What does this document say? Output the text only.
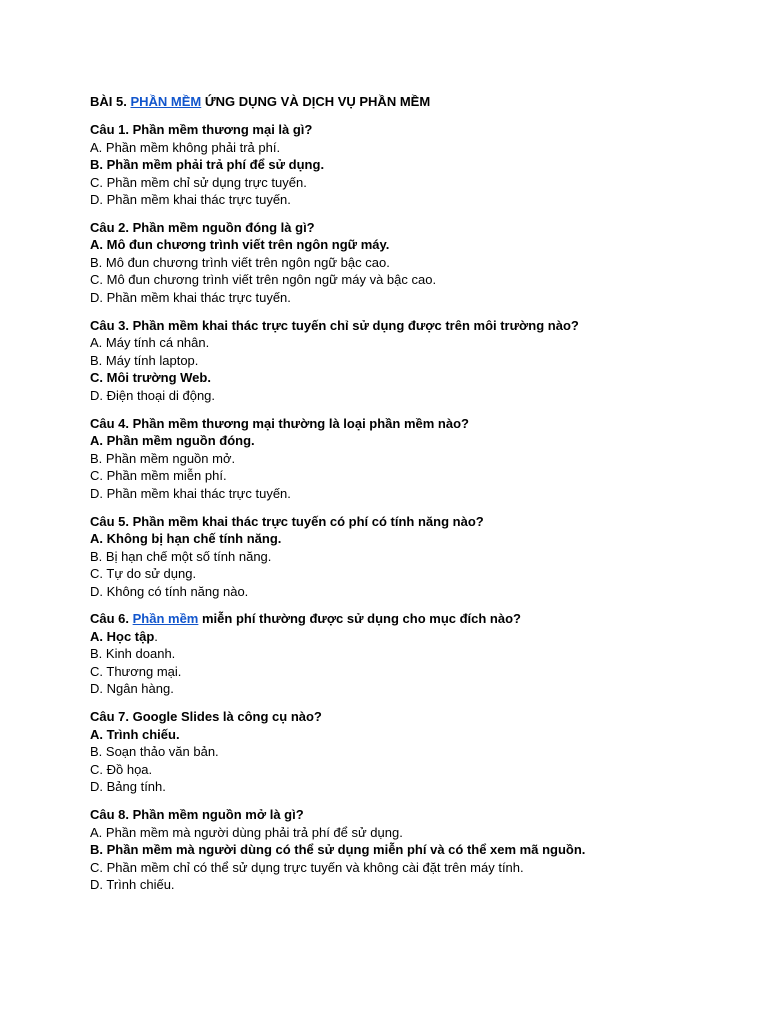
BÀI 5. PHẦN MỀM ỨNG DỤNG VÀ DỊCH VỤ PHẦN MỀM
Câu 1. Phần mềm thương mại là gì?
A. Phần mềm không phải trả phí.
B. Phần mềm phải trả phí để sử dụng.
C. Phần mềm chỉ sử dụng trực tuyến.
D. Phần mềm khai thác trực tuyến.
Câu 2. Phần mềm nguồn đóng là gì?
A. Mô đun chương trình viết trên ngôn ngữ máy.
B. Mô đun chương trình viết trên ngôn ngữ bậc cao.
C. Mô đun chương trình viết trên ngôn ngữ máy và bậc cao.
D. Phần mềm khai thác trực tuyến.
Câu 3. Phần mềm khai thác trực tuyến chỉ sử dụng được trên môi trường nào?
A. Máy tính cá nhân.
B. Máy tính laptop.
C. Môi trường Web.
D. Điện thoại di động.
Câu 4. Phần mềm thương mại thường là loại phần mềm nào?
A. Phần mềm nguồn đóng.
B. Phần mềm nguồn mở.
C. Phần mềm miễn phí.
D. Phần mềm khai thác trực tuyến.
Câu 5. Phần mềm khai thác trực tuyến có phí có tính năng nào?
A. Không bị hạn chế tính năng.
B. Bị hạn chế một số tính năng.
C. Tự do sử dụng.
D. Không có tính năng nào.
Câu 6. Phần mềm miễn phí thường được sử dụng cho mục đích nào?
A. Học tập.
B. Kinh doanh.
C. Thương mại.
D. Ngân hàng.
Câu 7. Google Slides là công cụ nào?
A. Trình chiếu.
B. Soạn thảo văn bản.
C. Đồ họa.
D. Bảng tính.
Câu 8. Phần mềm nguồn mở là gì?
A. Phần mềm mà người dùng phải trả phí để sử dụng.
B. Phần mềm mà người dùng có thể sử dụng miễn phí và có thể xem mã nguồn.
C. Phần mềm chỉ có thể sử dụng trực tuyến và không cài đặt trên máy tính.
D. Trình chiếu.
